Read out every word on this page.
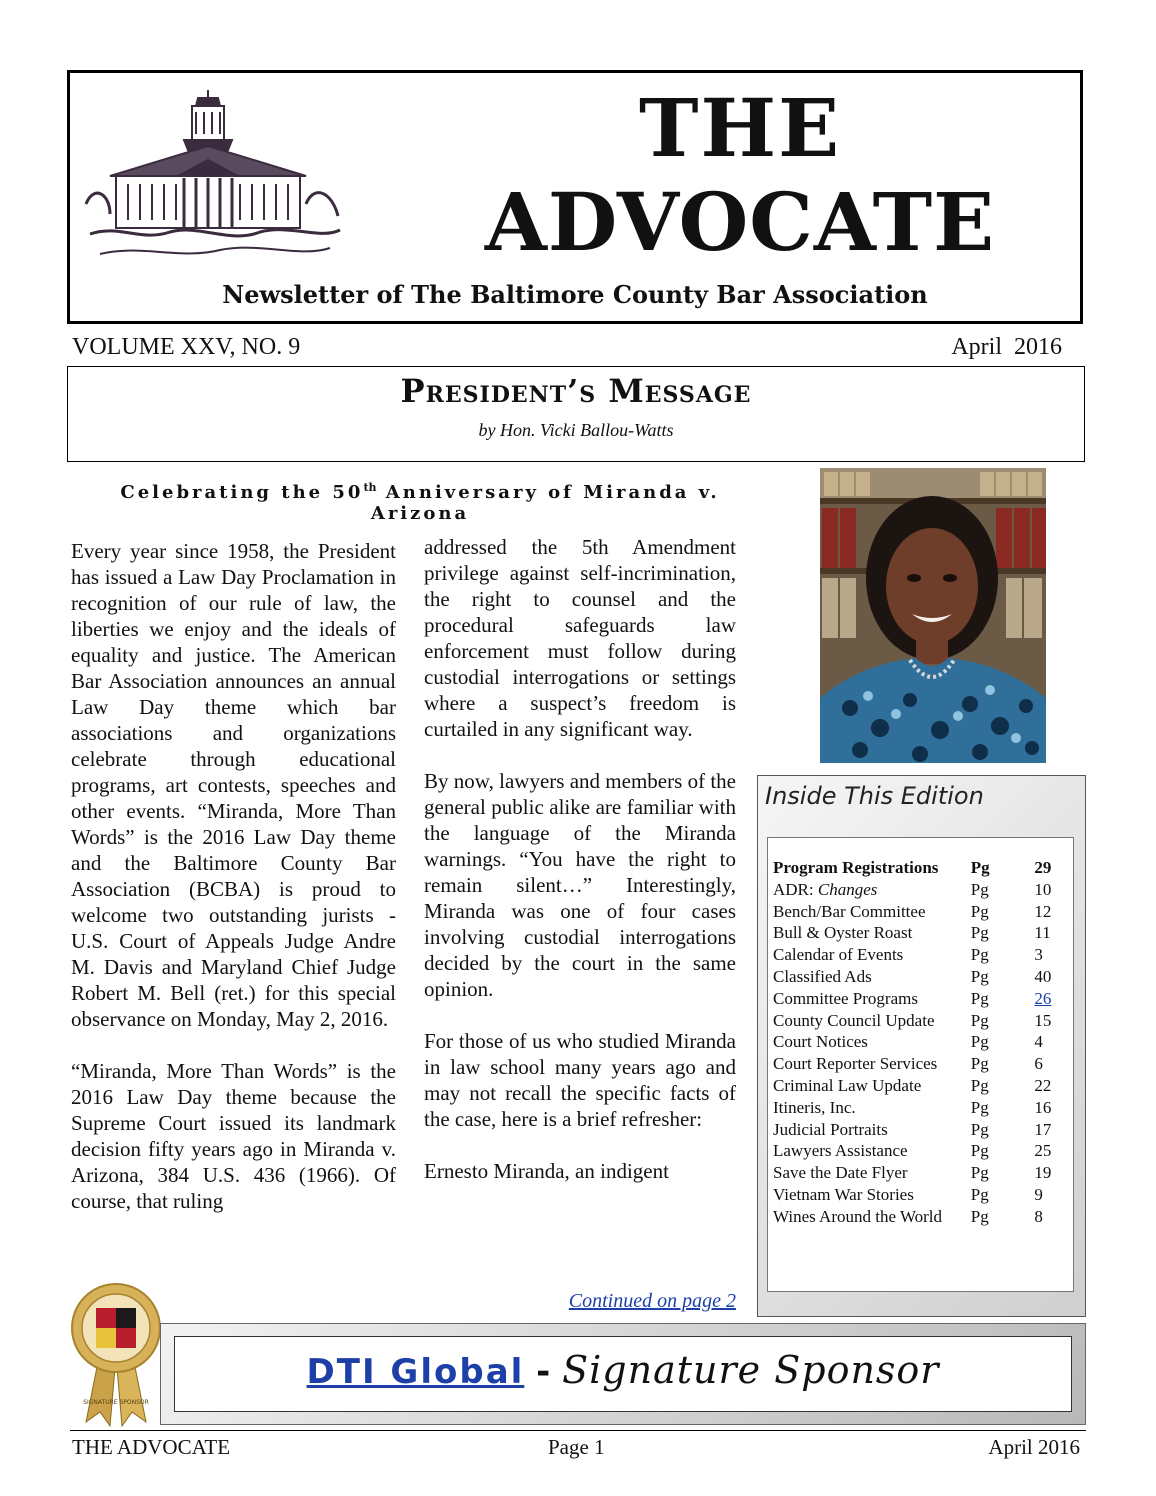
THE
ADVOCATE
Newsletter of The Baltimore County Bar Association
VOLUME XXV, NO. 9	April  2016
President’s Message
by Hon. Vicki Ballou-Watts
Celebrating the 50th Anniversary of Miranda v. Arizona

Every year since 1958, the President has issued a Law Day Proclamation in recognition of our rule of law, the liberties we enjoy and the ideals of equality and justice. The American Bar Association announces an annual Law Day theme which bar associations and organizations celebrate through educational programs, art contests, speeches and other events. “Miranda, More Than Words” is the 2016 Law Day theme and the Baltimore County Bar Association (BCBA) is proud to welcome two outstanding jurists - U.S. Court of Appeals Judge Andre M. Davis and Maryland Chief Judge Robert M. Bell (ret.) for this special observance on Monday, May 2, 2016.

“Miranda, More Than Words” is the 2016 Law Day theme because the Supreme Court issued its landmark decision fifty years ago in Miranda v. Arizona, 384 U.S. 436 (1966). Of course, that ruling

addressed the 5th Amendment privilege against self-incrimination, the right to counsel and the procedural safeguards law enforcement must follow during custodial interrogations or settings where a suspect’s freedom is curtailed in any significant way.

By now, lawyers and members of the general public alike are familiar with the language of the Miranda warnings. “You have the right to remain silent…” Interestingly, Miranda was one of four cases involving custodial interrogations decided by the court in the same opinion.

For those of us who studied Miranda in law school many years ago and may not recall the specific facts of the case, here is a brief refresher:

Ernesto Miranda, an indigent

Continued on page 2
Inside This Edition
Program Registrations	Pg	29
ADR: Changes	Pg	10
Bench/Bar Committee	Pg	12
Bull & Oyster Roast	Pg	11
Calendar of Events	Pg	3
Classified Ads	Pg	40
Committee Programs	Pg	26
County Council Update	Pg	15
Court Notices	Pg	4
Court Reporter Services	Pg	6
Criminal Law Update	Pg	22
Itineris, Inc.	Pg	16
Judicial Portraits	Pg	17
Lawyers Assistance	Pg	25
Save the Date Flyer	Pg	19
Vietnam War Stories	Pg	9
Wines Around the World	Pg	8
SIGNATURE SPONSOR
DTI Global - Signature Sponsor
THE ADVOCATE	Page 1	April 2016
